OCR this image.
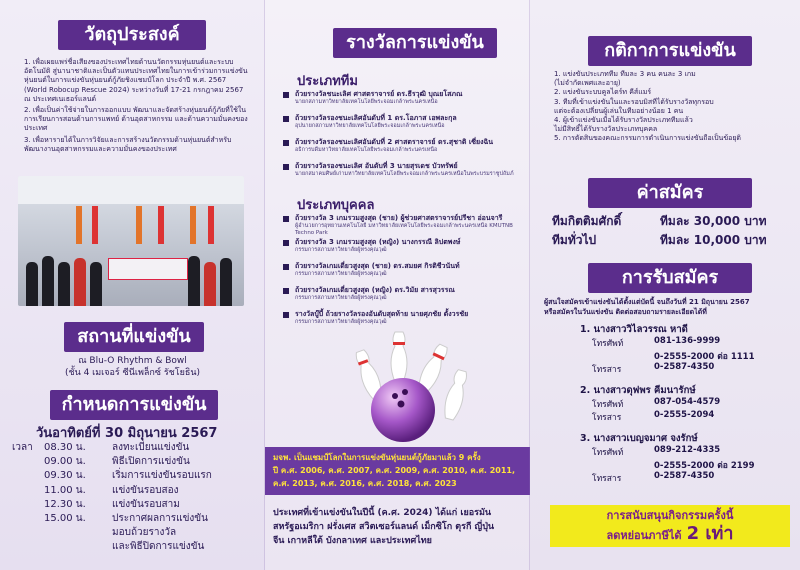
วัตถุประสงค์

1. เพื่อเผยแพร่ชื่อเสียงของประเทศไทยด้านนวัตกรรมหุ่นยนต์และระบบอัตโนมัติ สู่นานาชาติและเป็นตัวแทนประเทศไทยในการเข้าร่วมการแข่งขันหุ่นยนต์ในการแข่งขันหุ่นยนต์กู้ภัยชิงแชมป์โลก ประจำปี พ.ศ. 2567 (World Robocup Rescue 2024) ระหว่างวันที่ 17-21 กรกฎาคม 2567 ณ ประเทศเนเธอร์แลนด์

2. เพื่อเป็นค่าใช้จ่ายในการออกแบบ พัฒนาและจัดสร้างหุ่นยนต์กู้ภัยที่ใช้ในการเรียนการสอนด้านการแพทย์ ด้านอุตสาหกรรม และด้านความมั่นคงของประเทศ

3. เพื่อหารายได้ในการวิจัยและการสร้างนวัตกรรมด้านหุ่นยนต์สำหรับพัฒนางานอุตสาหกรรมและความมั่นคงของประเทศ

สถานที่แข่งขัน
ณ Blu-O Rhythm & Bowl
(ชั้น 4 เมเจอร์ ซีนีเพล็กซ์ รัชโยธิน)
กำหนดการแข่งขัน
วันอาทิตย์ที่ 30 มิถุนายน 2567
เวลา 08.30 น.	ลงทะเบียนแข่งขัน
09.00 น.	พิธีเปิดการแข่งขัน
09.30 น.	เริ่มการแข่งขันรอบแรก
11.00 น.	แข่งขันรอบสอง
12.30 น.	แข่งขันรอบสาม
15.00 น.	ประกาศผลการแข่งขัน
มอบถ้วยรางวัล
และพิธีปิดการแข่งขัน
รางวัลการแข่งขัน
ประเภททีม
ถ้วยรางวัลชนะเลิศ ศาสตราจารย์ ดร.ธีรวุฒิ บุณยโสภณ
นายกสภามหาวิทยาลัยเทคโนโลยีพระจอมเกล้าพระนครเหนือ
ถ้วยรางวัลรองชนะเลิศอันดับที่ 1 ดร.โอภาส เอพละกุล
อุปนายกสภามหาวิทยาลัยเทคโนโลยีพระจอมเกล้าพระนครเหนือ
ถ้วยรางวัลรองชนะเลิศอันดับที่ 2 ศาสตราจารย์ ดร.สุชาติ เซี่ยงฉิน
อธิการบดีมหาวิทยาลัยเทคโนโลยีพระจอมเกล้าพระนครเหนือ
ถ้วยรางวัลรองชนะเลิศ อันดับที่ 3 นายสุรเดช บัวทรัพย์
นายกสมาคมศิษย์เก่ามหาวิทยาลัยเทคโนโลยีพระจอมเกล้าพระนครเหนือในพระบรมราชูปถัมภ์
ประเภทบุคคล
ถ้วยรางวัล 3 เกมรวมสูงสุด (ชาย) ผู้ช่วยศาสตราจารย์ปรีชา อ่อนจารี
ผู้อำนวยการอุทยานเทคโนโลยี มหาวิทยาลัยเทคโนโลยีพระจอมเกล้าพระนครเหนือ KMUTNB Techno Park
ถ้วยรางวัล 3 เกมรวมสูงสุด (หญิง) นางกรรณี ลิปตพงษ์
กรรมการสภามหาวิทยาลัยผู้ทรงคุณวุฒิ
ถ้วยรางวัลเกมเดี่ยวสูงสุด (ชาย) ดร.สมยศ กิรติชีวนันท์
กรรมการสภามหาวิทยาลัยผู้ทรงคุณวุฒิ
ถ้วยรางวัลเกมเดี่ยวสูงสุด (หญิง) ดร.วิมัย สารสุวรรณ
กรรมการสภามหาวิทยาลัยผู้ทรงคุณวุฒิ
รางวัลบู๊บี้ ถ้วยรางวัลรองอันดับสุดท้าย นายศุภชัย ตั้งวรชัย
กรรมการสภามหาวิทยาลัยผู้ทรงคุณวุฒิ
มจพ. เป็นแชมป์โลกในการแข่งขันหุ่นยนต์กู้ภัยมาแล้ว 9 ครั้ง
ปี ค.ศ. 2006, ค.ศ. 2007, ค.ศ. 2009, ค.ศ. 2010, ค.ศ. 2011,
ค.ศ. 2013, ค.ศ. 2016, ค.ศ. 2018, ค.ศ. 2023
ประเทศที่เข้าแข่งขันในปีนี้ (ค.ศ. 2024) ได้แก่ เยอรมัน
สหรัฐอเมริกา ฝรั่งเศส สวิตเซอร์แลนด์ เม็กซิโก ตุรกี ญี่ปุ่น
จีน เกาหลีใต้ บังกลาเทศ และประเทศไทย
กติกาการแข่งขัน
1. แข่งขันประเภททีม ทีมละ 3 คน คนละ 3 เกม
(ไม่จำกัดเพศและอายุ)
2. แข่งขันระบบคูลไดร์ท คีส์แมร์
3. ทีมที่เข้าแข่งขันในและรอบมิสทีได้รับรางวัลทุกรอบ
แต่จะต้องเปลี่ยนผู้เล่นในทีมอย่างน้อย 1 คน
4. ผู้เข้าแข่งขันเมื่อได้รับรางวัลประเภททีมแล้ว
ไม่มีสิทธิ์ได้รับรางวัลประเภทบุคคล
5. การตัดสินของคณะกรรมการดำเนินการแข่งขันถือเป็นข้อยุติ
ค่าสมัคร
ทีมกิตติมศักดิ์	ทีมละ 30,000 บาท
ทีมทั่วไป	ทีมละ 10,000 บาท
การรับสมัคร
ผู้สนใจสมัครเข้าแข่งขันได้ตั้งแต่บัดนี้ จนถึงวันที่ 21 มิถุนายน 2567
หรือสมัครในวันแข่งขัน ติดต่อสอบถามรายละเอียดได้ที่
1. นางสาววิไลวรรณ หาดี
โทรศัพท์	081-136-9999
0-2555-2000 ต่อ 1111
โทรสาร	0-2587-4350
2. นางสาวดุฟพร คีมนารักษ์
โทรศัพท์	087-054-4579
โทรสาร	0-2555-2094
3. นางสาวเบญจมาศ จงรักษ์
โทรศัพท์	089-212-4335
0-2555-2000 ต่อ 2199
โทรสาร	0-2587-4350
การสนับสนุนกิจกรรมครั้งนี้
ลดหย่อนภาษีได้ 2 เท่า
